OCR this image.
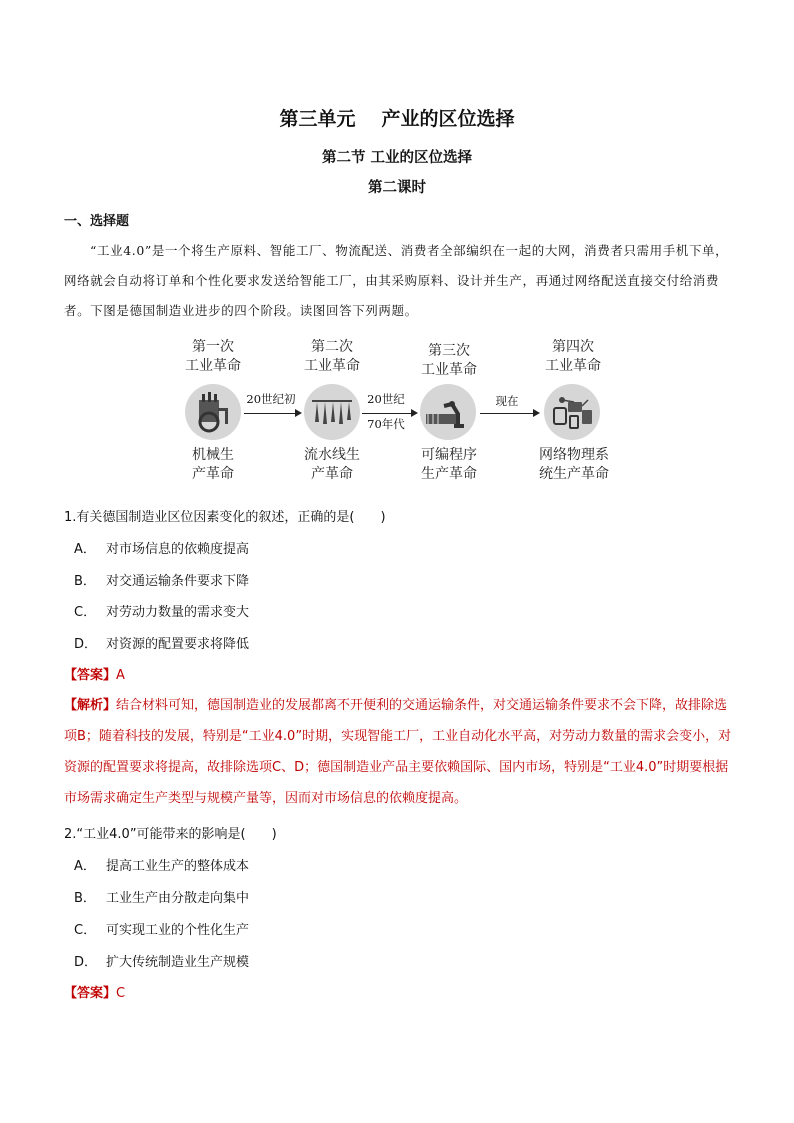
第三单元 产业的区位选择
第二节 工业的区位选择
第二课时
一、选择题

“工业4.0”是一个将生产原料、智能工厂、物流配送、消费者全部编织在一起的大网，消费者只需用手机下单，网络就会自动将订单和个性化要求发送给智能工厂，由其采购原料、设计并生产，再通过网络配送直接交付给消费者。下图是德国制造业进步的四个阶段。读图回答下列两题。

第一次
工业革命
机械生
产革命
20世纪初
第二次
工业革命
流水线生
产革命
20世纪
70年代
第三次
工业革命
可编程序
生产革命
现在
第四次
工业革命
网络物理系
统生产革命
1.有关德国制造业区位因素变化的叙述，正确的是(　　)
A． 对市场信息的依赖度提高
B． 对交通运输条件要求下降
C． 对劳动力数量的需求变大
D． 对资源的配置要求将降低
【答案】A

【解析】结合材料可知，德国制造业的发展都离不开便利的交通运输条件，对交通运输条件要求不会下降，故排除选项B；随着科技的发展，特别是“工业4.0”时期，实现智能工厂，工业自动化水平高，对劳动力数量的需求会变小，对资源的配置要求将提高，故排除选项C、D；德国制造业产品主要依赖国际、国内市场，特别是“工业4.0”时期要根据市场需求确定生产类型与规模产量等，因而对市场信息的依赖度提高。

2.“工业4.0”可能带来的影响是(　　)
A． 提高工业生产的整体成本
B． 工业生产由分散走向集中
C． 可实现工业的个性化生产
D． 扩大传统制造业生产规模
【答案】C
